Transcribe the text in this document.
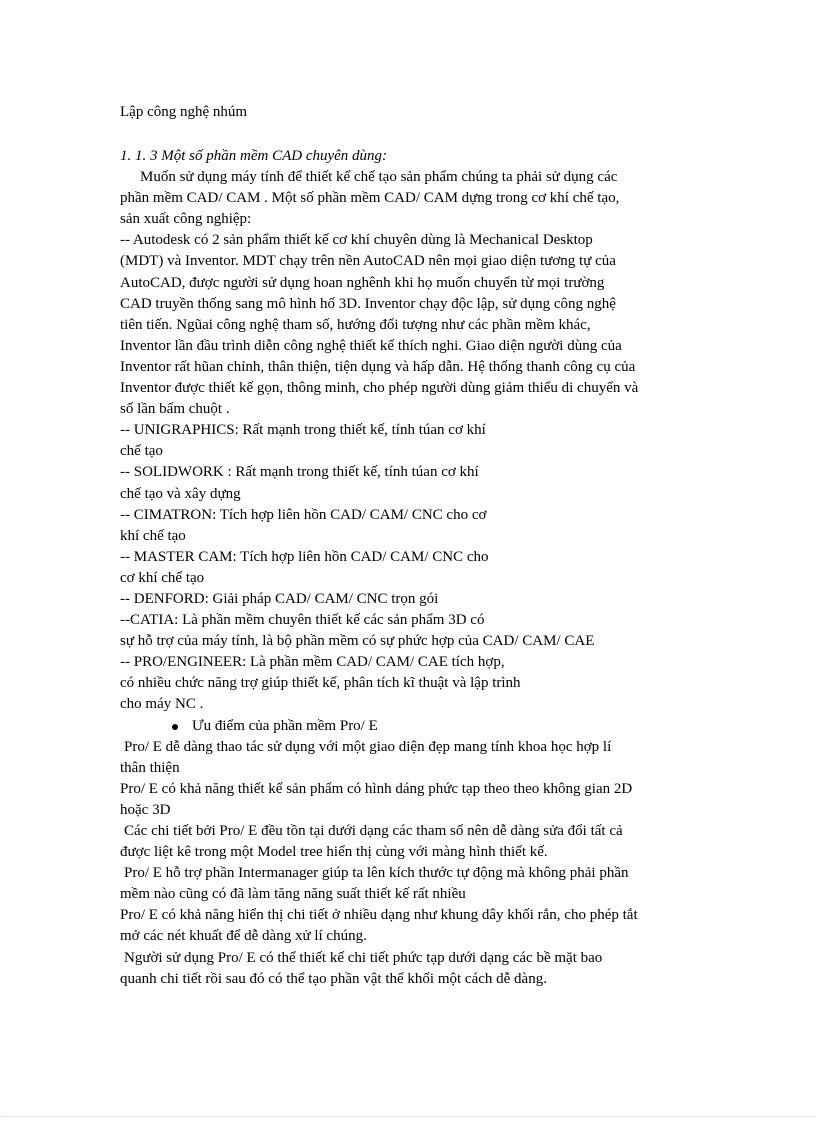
Lập công nghệ nhúm
1. 1. 3 Một số phần mềm CAD chuyên dùng:
Muốn sử dụng máy tính để thiết kế chế tạo sản phẩm chúng ta phải sử dụng các
phần mềm CAD/ CAM . Một số phần mềm CAD/ CAM dựng trong cơ khí chế tạo,
sản xuất công nghiệp:
-- Autodesk có 2 sản phẩm thiết kế cơ khí chuyên dùng là Mechanical Desktop
(MDT) và Inventor. MDT chạy trên nền AutoCAD nên mọi giao diện tương tự của
AutoCAD, được người sử dụng hoan nghênh khi họ muốn chuyển từ mọi trường
CAD truyền thống sang mô hình hố 3D. Inventor chạy độc lập, sử dụng công nghệ
tiên tiến. Ngũai công nghệ tham số, hướng đối tượng như các phần mềm khác,
Inventor lần đầu trình diễn công nghệ thiết kế thích nghi. Giao diện người dùng của
Inventor rất hũan chỉnh, thân thiện, tiện dụng và hấp dẫn. Hệ thống thanh công cụ của
Inventor được thiết kế gọn, thông minh, cho phép người dùng giảm thiểu di chuyển và
số lần bấm chuột .
-- UNIGRAPHICS: Rất mạnh trong thiết kế, tính túan cơ khí
chế tạo
-- SOLIDWORK : Rất mạnh trong thiết kế, tính túan cơ khí
chế tạo và xây dựng
-- CIMATRON: Tích hợp liên hồn CAD/ CAM/ CNC cho cơ
khí chế tạo
-- MASTER CAM: Tích hợp liên hồn CAD/ CAM/ CNC cho
cơ khí chế tạo
-- DENFORD: Giải pháp CAD/ CAM/ CNC trọn gói
--CATIA: Là phần mềm chuyên thiết kế các sản phẩm 3D có
sự hỗ trợ của máy tính, là bộ phần mềm có sự phức hợp của CAD/ CAM/ CAE
-- PRO/ENGINEER: Là phần mềm CAD/ CAM/ CAE tích hợp,
có nhiều chức năng trợ giúp thiết kế, phân tích kĩ thuật và lập trình
cho máy NC .
Ưu điểm của phần mềm Pro/ E
Pro/ E dễ dàng thao tác sử dụng với một giao diện đẹp mang tính khoa học hợp lí
thân thiện
Pro/ E có khả năng thiết kế sản phẩm có hình dáng phức tạp theo theo không gian 2D
hoặc 3D
Các chi tiết bởi Pro/ E đều tồn tại dưới dạng các tham số nên dễ dàng sửa đổi tất cả
được liệt kê trong một Model tree hiển thị cùng với màng hình thiết kế.
Pro/ E hỗ trợ phần Intermanager giúp ta lên kích thước tự động mà không phải phần
mềm nào cũng có đã làm tăng năng suất thiết kế rất nhiều
Pro/ E có khả năng hiển thị chi tiết ở nhiều dạng như khung dây khối rắn, cho phép tắt
mở các nét khuất để dễ dàng xử lí chúng.
Người sử dụng Pro/ E có thể thiết kế chi tiết phức tạp dưới dạng các bề mặt bao
quanh chi tiết rồi sau đó có thể tạo phần vật thể khối một cách dễ dàng.
